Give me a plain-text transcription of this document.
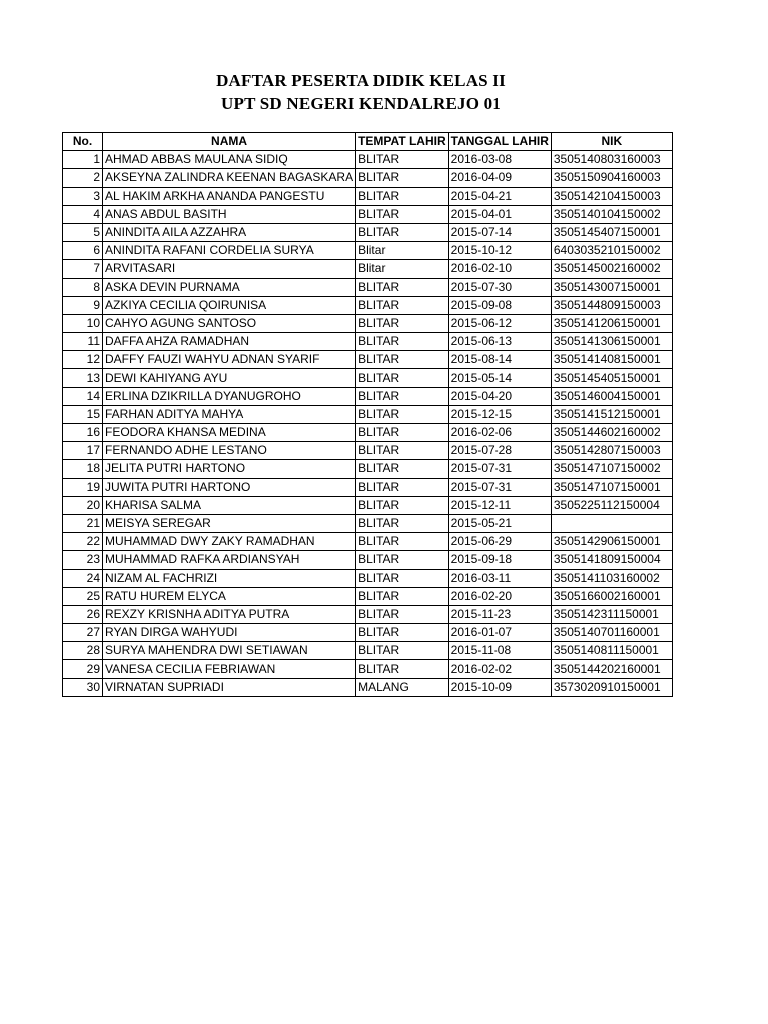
DAFTAR PESERTA DIDIK KELAS II
UPT SD NEGERI KENDALREJO 01
No.	NAMA	TEMPAT LAHIR	TANGGAL LAHIR	NIK
1	AHMAD ABBAS MAULANA SIDIQ	BLITAR	2016-03-08	3505140803160003
2	AKSEYNA ZALINDRA KEENAN BAGASKARA	BLITAR	2016-04-09	3505150904160003
3	AL HAKIM ARKHA ANANDA PANGESTU	BLITAR	2015-04-21	3505142104150003
4	ANAS ABDUL BASITH	BLITAR	2015-04-01	3505140104150002
5	ANINDITA AILA AZZAHRA	BLITAR	2015-07-14	3505145407150001
6	ANINDITA RAFANI CORDELIA SURYA	Blitar	2015-10-12	6403035210150002
7	ARVITASARI	Blitar	2016-02-10	3505145002160002
8	ASKA DEVIN PURNAMA	BLITAR	2015-07-30	3505143007150001
9	AZKIYA CECILIA QOIRUNISA	BLITAR	2015-09-08	3505144809150003
10	CAHYO AGUNG SANTOSO	BLITAR	2015-06-12	3505141206150001
11	DAFFA AHZA RAMADHAN	BLITAR	2015-06-13	3505141306150001
12	DAFFY FAUZI WAHYU ADNAN SYARIF	BLITAR	2015-08-14	3505141408150001
13	DEWI KAHIYANG AYU	BLITAR	2015-05-14	3505145405150001
14	ERLINA DZIKRILLA DYANUGROHO	BLITAR	2015-04-20	3505146004150001
15	FARHAN ADITYA MAHYA	BLITAR	2015-12-15	3505141512150001
16	FEODORA KHANSA MEDINA	BLITAR	2016-02-06	3505144602160002
17	FERNANDO ADHE LESTANO	BLITAR	2015-07-28	3505142807150003
18	JELITA PUTRI HARTONO	BLITAR	2015-07-31	3505147107150002
19	JUWITA PUTRI HARTONO	BLITAR	2015-07-31	3505147107150001
20	KHARISA SALMA	BLITAR	2015-12-11	3505225112150004
21	MEISYA SEREGAR	BLITAR	2015-05-21	
22	MUHAMMAD DWY ZAKY RAMADHAN	BLITAR	2015-06-29	3505142906150001
23	MUHAMMAD RAFKA ARDIANSYAH	BLITAR	2015-09-18	3505141809150004
24	NIZAM AL FACHRIZI	BLITAR	2016-03-11	3505141103160002
25	RATU HUREM ELYCA	BLITAR	2016-02-20	3505166002160001
26	REXZY KRISNHA ADITYA PUTRA	BLITAR	2015-11-23	3505142311150001
27	RYAN DIRGA WAHYUDI	BLITAR	2016-01-07	3505140701160001
28	SURYA MAHENDRA DWI SETIAWAN	BLITAR	2015-11-08	3505140811150001
29	VANESA CECILIA FEBRIAWAN	BLITAR	2016-02-02	3505144202160001
30	VIRNATAN SUPRIADI	MALANG	2015-10-09	3573020910150001
